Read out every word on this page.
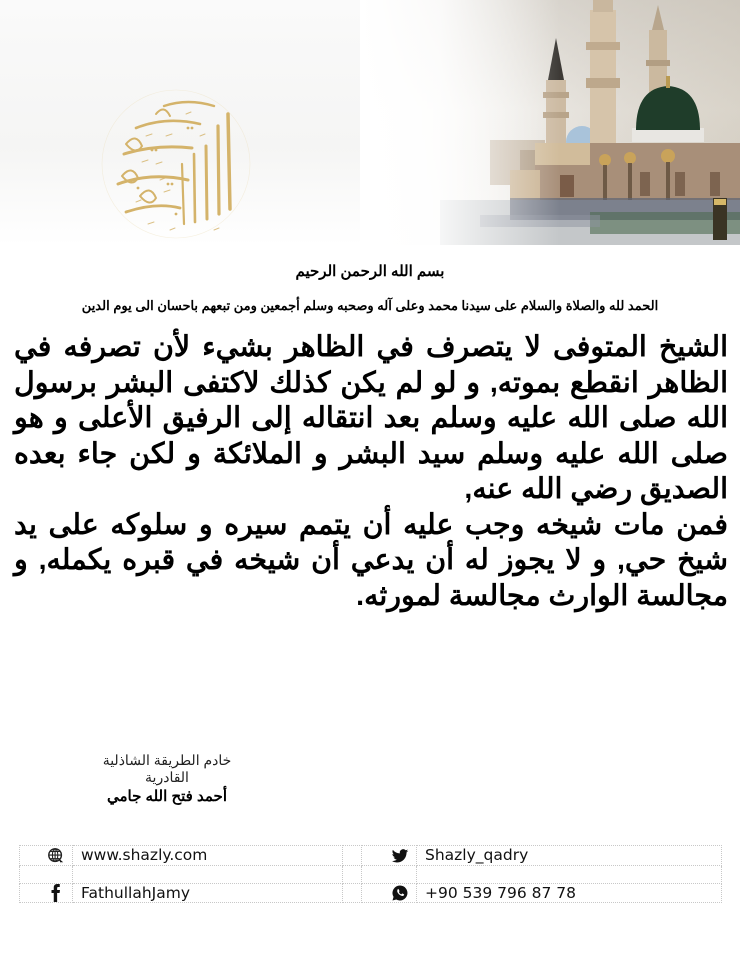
بسم الله الرحمن الرحيم
الحمد لله والصلاة والسلام على سيدنا محمد وعلى آله وصحبه وسلم أجمعين ومن تبعهم باحسان الى يوم الدين

الشيخ المتوفى لا يتصرف في الظاهر بشيء لأن تصرفه في الظاهر انقطع بموته, و لو لم يكن كذلك لاكتفى البشر برسول الله صلى الله عليه وسلم بعد انتقاله إلى الرفيق الأعلى و هو صلى الله عليه وسلم سيد البشر و الملائكة و لكن جاء بعده الصديق رضي الله عنه,

فمن مات شيخه وجب عليه أن يتمم سيره و سلوكه على يد شيخ حي, و لا يجوز له أن يدعي أن شيخه في قبره يكمله, و مجالسة الوارث مجالسة لمورثه.

خادم الطريقة الشاذلية القادرية
أحمد فتح الله جامي
	www.shazly.com			Shazly_qadry

	FathullahJamy			+90 539 796 87 78
